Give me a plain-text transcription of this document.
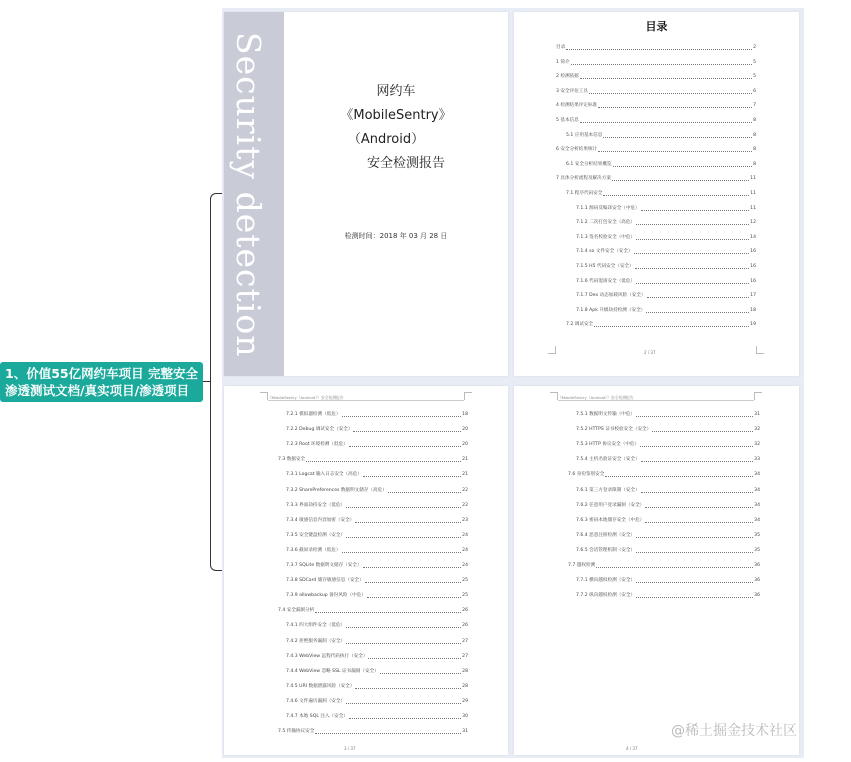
1、价值55亿网约车项目 完整安全
渗透测试文档/真实项目/渗透项目
Security detection	网约车
《MobileSentry》
（Android）
安全检测报告
检测时间：2018 年 03 月 28 日
目录
目录	2
1 简介	5
2 检测依据	5
3 安全评估工具	6
4 检测结果评定标准	7
5 基本信息	8
5.1 应用基本信息	8
6 安全分析结果统计	8
6.1 安全分析结果概览	8
7 具体分析流程及解决方案	11
7.1 程序代码安全	11
7.1.1 源码反编译安全（中危）	11
7.1.2 二次打包安全（高危）	12
7.1.3 签名校验安全（中危）	14
7.1.4 so 文件安全（安全）	16
7.1.5 H5 代码安全（安全）	16
7.1.6 代码混淆安全（低危）	16
7.1.7 Dex 动态加载风险（安全）	17
7.1.8 Apk 升级劫持检测（安全）	18
7.2 调试安全	19
2 / 37
《MobileSentry（Android）》安全检测报告
7.2.1 模拟器检测（低危）	18
7.2.2 Debug 调试安全（安全）	20
7.2.3 Root 环境检测（低危）	20
7.3 数据安全	21
7.3.1 Logcat 输入日志安全（高危）	21
7.3.2 SharePreferences 数据明文储存（高危）	22
7.3.3 界面劫持安全（低危）	22
7.3.4 敏感信息内容加密（安全）	23
7.3.5 安全键盘检测（安全）	24
7.3.6 截屏录检测（低危）	24
7.3.7 SQLite 数据明文储存（安全）	24
7.3.8 SDCard 储存敏感信息（安全）	25
7.3.9 allowbackup 备份风险（中危）	25
7.4 安全漏洞分析	26
7.4.1 四大组件安全（低危）	26
7.4.2 拒绝服务漏洞（安全）	27
7.4.3 WebView 远程代码执行（安全）	27
7.4.4 WebView 忽略 SSL 证书漏洞（安全）	28
7.4.5 URI 数据泄露风险（安全）	28
7.4.6 文件遍历漏洞（安全）	29
7.4.7 本地 SQL 注入（安全）	30
7.5 传输协议安全	31
3 / 37
《MobileSentry（Android）》安全检测报告
7.5.1 数据明文传输（中危）	31
7.5.2 HTTPS 证书校验安全（安全）	32
7.5.3 HTTP 协议安全（中危）	32
7.5.4 主机名验证安全（安全）	33
7.6 身份鉴别安全	34
7.6.1 第三方登录限制（安全）	34
7.6.2 任意用户登录漏洞（安全）	34
7.6.3 密码本地储存安全（中危）	34
7.6.4 恶意注册检测（安全）	35
7.6.5 会话管理机制（安全）	35
7.7 越权检测	36
7.7.1 横向越权检测（安全）	36
7.7.2 纵向越权检测（安全）	36
4 / 37
@稀土掘金技术社区
